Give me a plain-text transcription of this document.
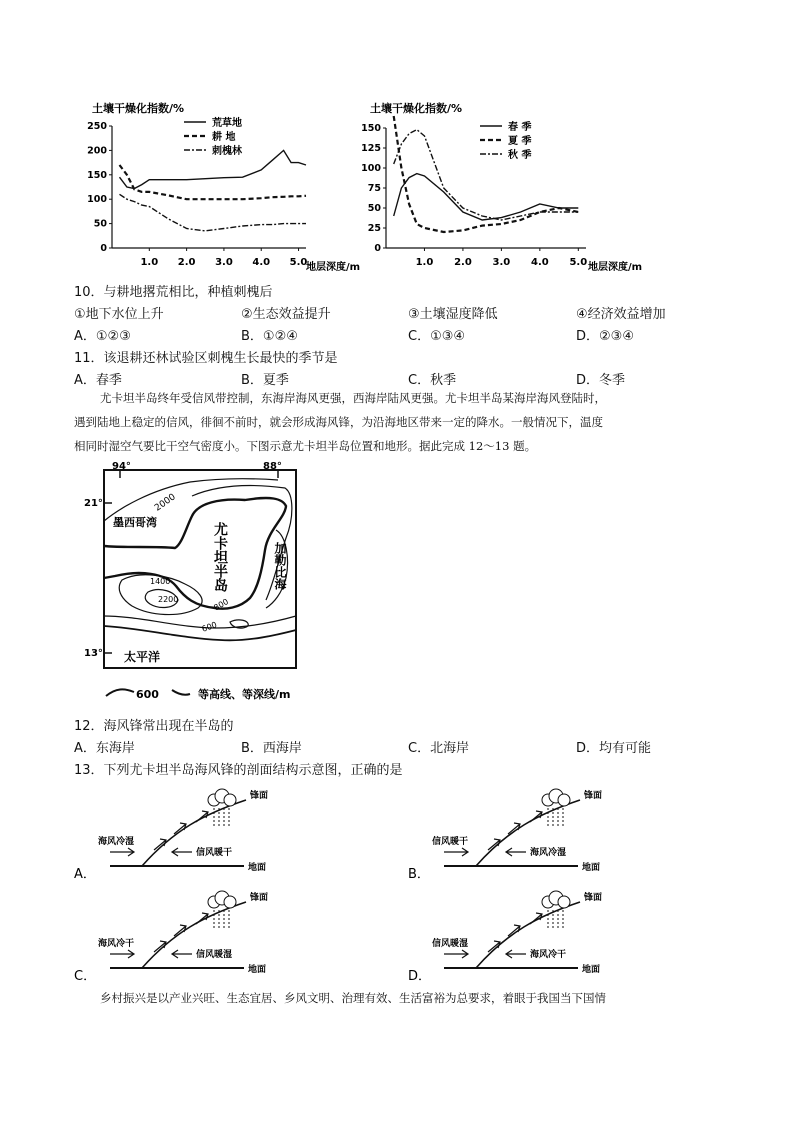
土壤干燥化指数/%
0
50
100
150
200
250
1.0 2.0 3.0 4.0 5.0
荒草地
耕 地
刺槐林
地层深度/m
土壤干燥化指数/%
0
25
50
75
100
125
150
1.0 2.0 3.0 4.0 5.0
春 季
夏 季
秋 季
地层深度/m
10．与耕地撂荒相比，种植刺槐后
①地下水位上升	②生态效益提升	③土壤湿度降低	④经济效益增加
A．①②③	B．①②④	C．①③④	D．②③④
11．该退耕还林试验区刺槐生长最快的季节是
A．春季	B．夏季	C．秋季	D．冬季
尤卡坦半岛终年受信风带控制，东海岸海风更强，西海岸陆风更强。尤卡坦半岛某海岸海风登陆时，
遇到陆地上稳定的信风，徘徊不前时，就会形成海风锋，为沿海地区带来一定的降水。一般情况下，温度
相同时湿空气要比干空气密度小。下图示意尤卡坦半岛位置和地形。据此完成 12～13 题。
94°	88°
21°
13°
2000
1400
2200	800
600
墨西哥湾	尤卡坦半岛	加勒比海
太平洋
600	等高线、等深线/m
12．海风锋常出现在半岛的
A．东海岸	B．西海岸	C．北海岸	D．均有可能
13．下列尤卡坦半岛海风锋的剖面结构示意图，正确的是
A．
锋面
海风冷湿
信风暖干
地面	B．
锋面
信风暖干
海风冷湿
地面
C．
锋面
海风冷干
信风暖湿
地面	D．
锋面
信风暖湿
海风冷干
地面
乡村振兴是以产业兴旺、生态宜居、乡风文明、治理有效、生活富裕为总要求，着眼于我国当下国情
